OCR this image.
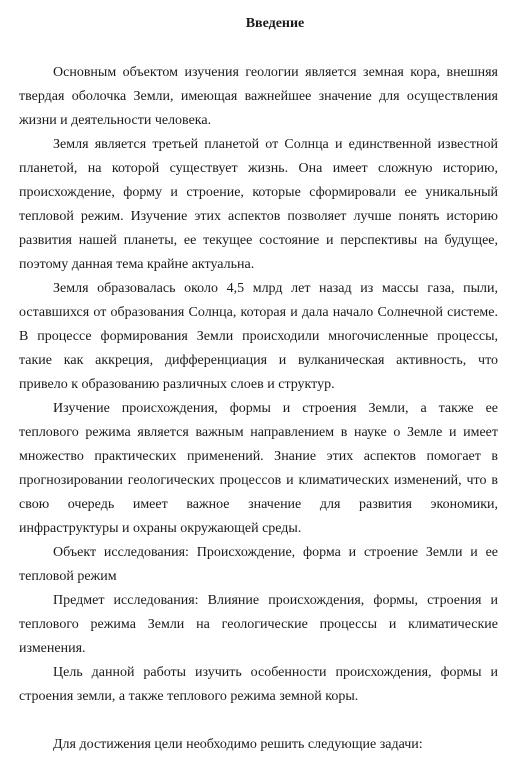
Введение
Основным объектом изучения геологии является земная кора, внешняя
твердая оболочка Земли, имеющая важнейшее значение для осуществления
жизни и деятельности человека.
Земля является третьей планетой от Солнца и единственной известной
планетой, на которой существует жизнь. Она имеет сложную историю,
происхождение, форму и строение, которые сформировали ее уникальный
тепловой режим. Изучение этих аспектов позволяет лучше понять историю
развития нашей планеты, ее текущее состояние и перспективы на будущее,
поэтому данная тема крайне актуальна.
Земля образовалась около 4,5 млрд лет назад из массы газа, пыли,
оставшихся от образования Солнца, которая и дала начало Солнечной системе.
В процессе формирования Земли происходили многочисленные процессы,
такие как аккреция, дифференциация и вулканическая активность, что
привело к образованию различных слоев и структур.
Изучение происхождения, формы и строения Земли, а также ее
теплового режима является важным направлением в науке о Земле и имеет
множество практических применений. Знание этих аспектов помогает в
прогнозировании геологических процессов и климатических изменений, что в
свою очередь имеет важное значение для развития экономики,
инфраструктуры и охраны окружающей среды.
Объект исследования: Происхождение, форма и строение Земли и ее
тепловой режим
Предмет исследования: Влияние происхождения, формы, строения и
теплового режима Земли на геологические процессы и климатические
изменения.
Цель данной работы изучить особенности происхождения, формы и
строения земли, а также теплового режима земной коры.
Для достижения цели необходимо решить следующие задачи:
